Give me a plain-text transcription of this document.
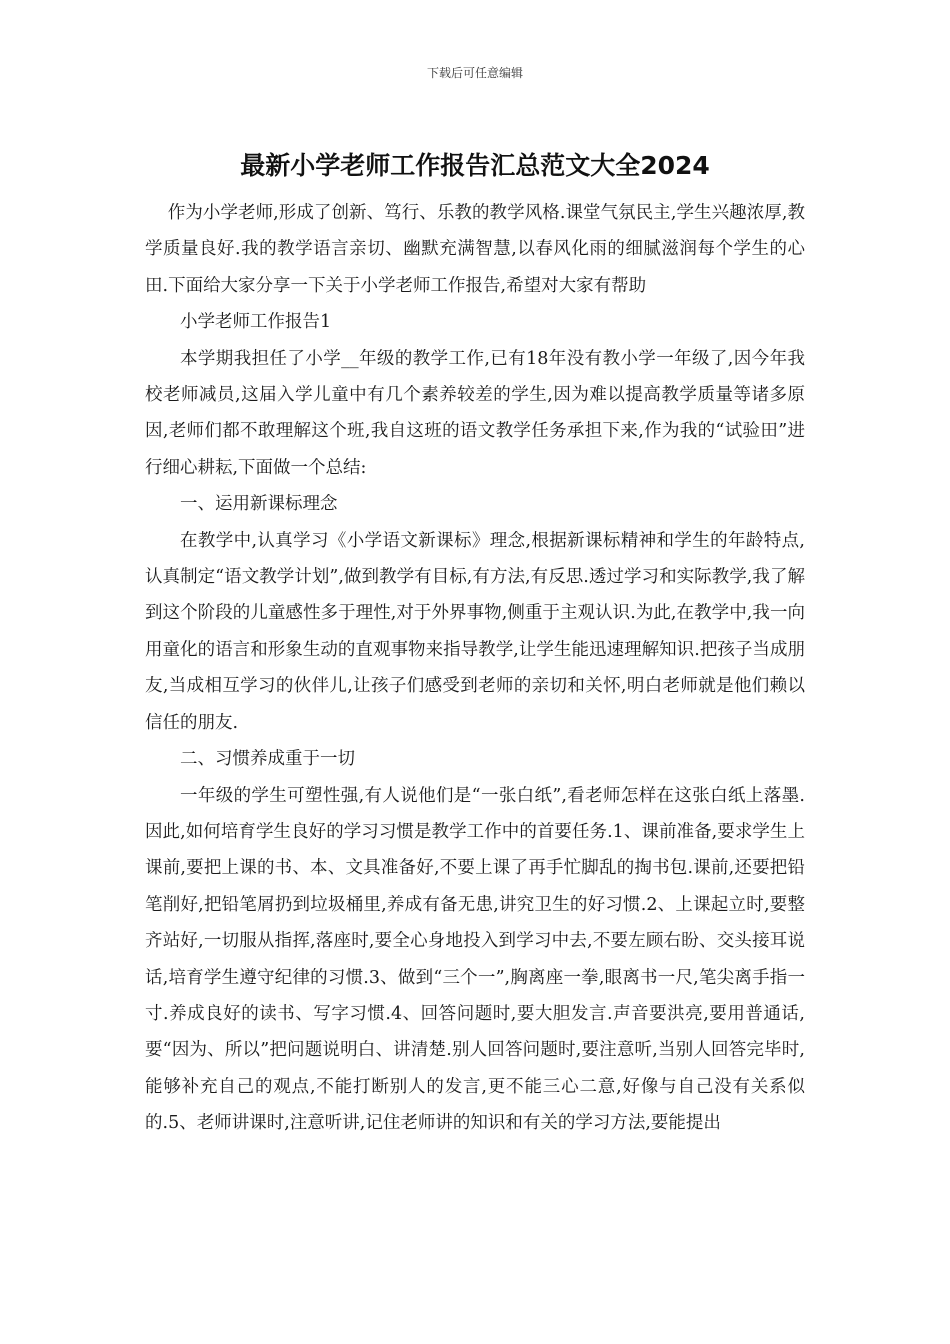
下载后可任意编辑
最新小学老师工作报告汇总范文大全2024

作为小学老师,形成了创新、笃行、乐教的教学风格.课堂气氛民主,学生兴趣浓厚,教学质量良好.我的教学语言亲切、幽默充满智慧,以春风化雨的细腻滋润每个学生的心田.下面给大家分享一下关于小学老师工作报告,希望对大家有帮助

小学老师工作报告1

本学期我担任了小学__年级的教学工作,已有18年没有教小学一年级了,因今年我校老师减员,这届入学儿童中有几个素养较差的学生,因为难以提高教学质量等诸多原因,老师们都不敢理解这个班,我自这班的语文教学任务承担下来,作为我的“试验田”进行细心耕耘,下面做一个总结:

一、运用新课标理念

在教学中,认真学习《小学语文新课标》理念,根据新课标精神和学生的年龄特点,认真制定“语文教学计划”,做到教学有目标,有方法,有反思.透过学习和实际教学,我了解到这个阶段的儿童感性多于理性,对于外界事物,侧重于主观认识.为此,在教学中,我一向用童化的语言和形象生动的直观事物来指导教学,让学生能迅速理解知识.把孩子当成朋友,当成相互学习的伙伴儿,让孩子们感受到老师的亲切和关怀,明白老师就是他们赖以信任的朋友.

二、习惯养成重于一切

一年级的学生可塑性强,有人说他们是“一张白纸”,看老师怎样在这张白纸上落墨.因此,如何培育学生良好的学习习惯是教学工作中的首要任务.1、课前准备,要求学生上课前,要把上课的书、本、文具准备好,不要上课了再手忙脚乱的掏书包.课前,还要把铅笔削好,把铅笔屑扔到垃圾桶里,养成有备无患,讲究卫生的好习惯.2、上课起立时,要整齐站好,一切服从指挥,落座时,要全心身地投入到学习中去,不要左顾右盼、交头接耳说话,培育学生遵守纪律的习惯.3、做到“三个一”,胸离座一拳,眼离书一尺,笔尖离手指一寸.养成良好的读书、写字习惯.4、回答问题时,要大胆发言.声音要洪亮,要用普通话,要“因为、所以”把问题说明白、讲清楚.别人回答问题时,要注意听,当别人回答完毕时,能够补充自己的观点,不能打断别人的发言,更不能三心二意,好像与自己没有关系似的.5、老师讲课时,注意听讲,记住老师讲的知识和有关的学习方法,要能提出
